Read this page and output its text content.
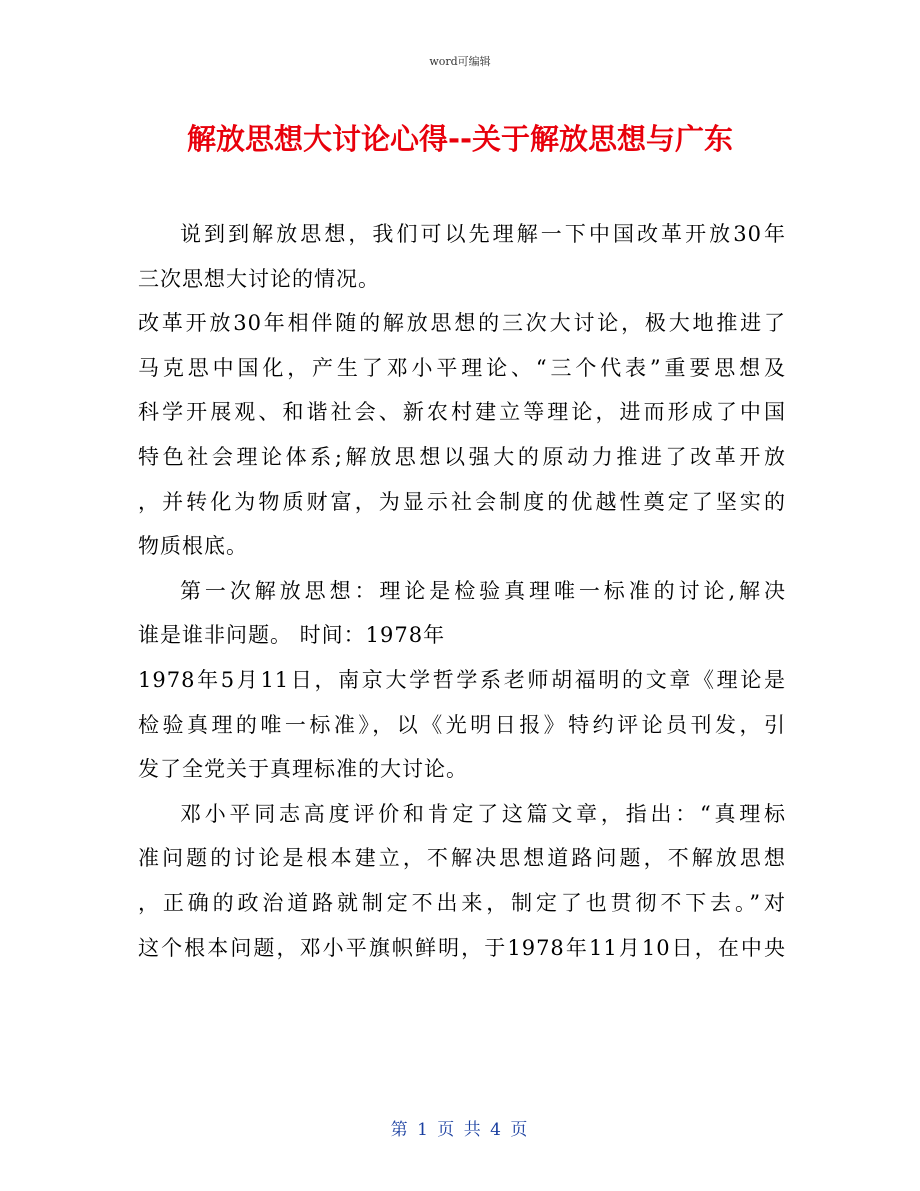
word可编辑
解放思想大讨论心得--关于解放思想与广东
说到到解放思想，我们可以先理解一下中国改革开放30年
三次思想大讨论的情况。
改革开放30年相伴随的解放思想的三次大讨论，极大地推进了
马克思中国化，产生了邓小平理论、“三个代表”重要思想及
科学开展观、和谐社会、新农村建立等理论，进而形成了中国
特色社会理论体系;解放思想以强大的原动力推进了改革开放
，并转化为物质财富，为显示社会制度的优越性奠定了坚实的
物质根底。
第一次解放思想：理论是检验真理唯一标准的讨论,解决
谁是谁非问题。 时间：1978年
1978年5月11日，南京大学哲学系老师胡福明的文章《理论是
检验真理的唯一标准》，以《光明日报》特约评论员刊发，引
发了全党关于真理标准的大讨论。
邓小平同志高度评价和肯定了这篇文章，指出：“真理标
准问题的讨论是根本建立，不解决思想道路问题，不解放思想
，正确的政治道路就制定不出来，制定了也贯彻不下去。”对
这个根本问题，邓小平旗帜鲜明，于1978年11月10日，在中央
第 1 页 共 4 页
